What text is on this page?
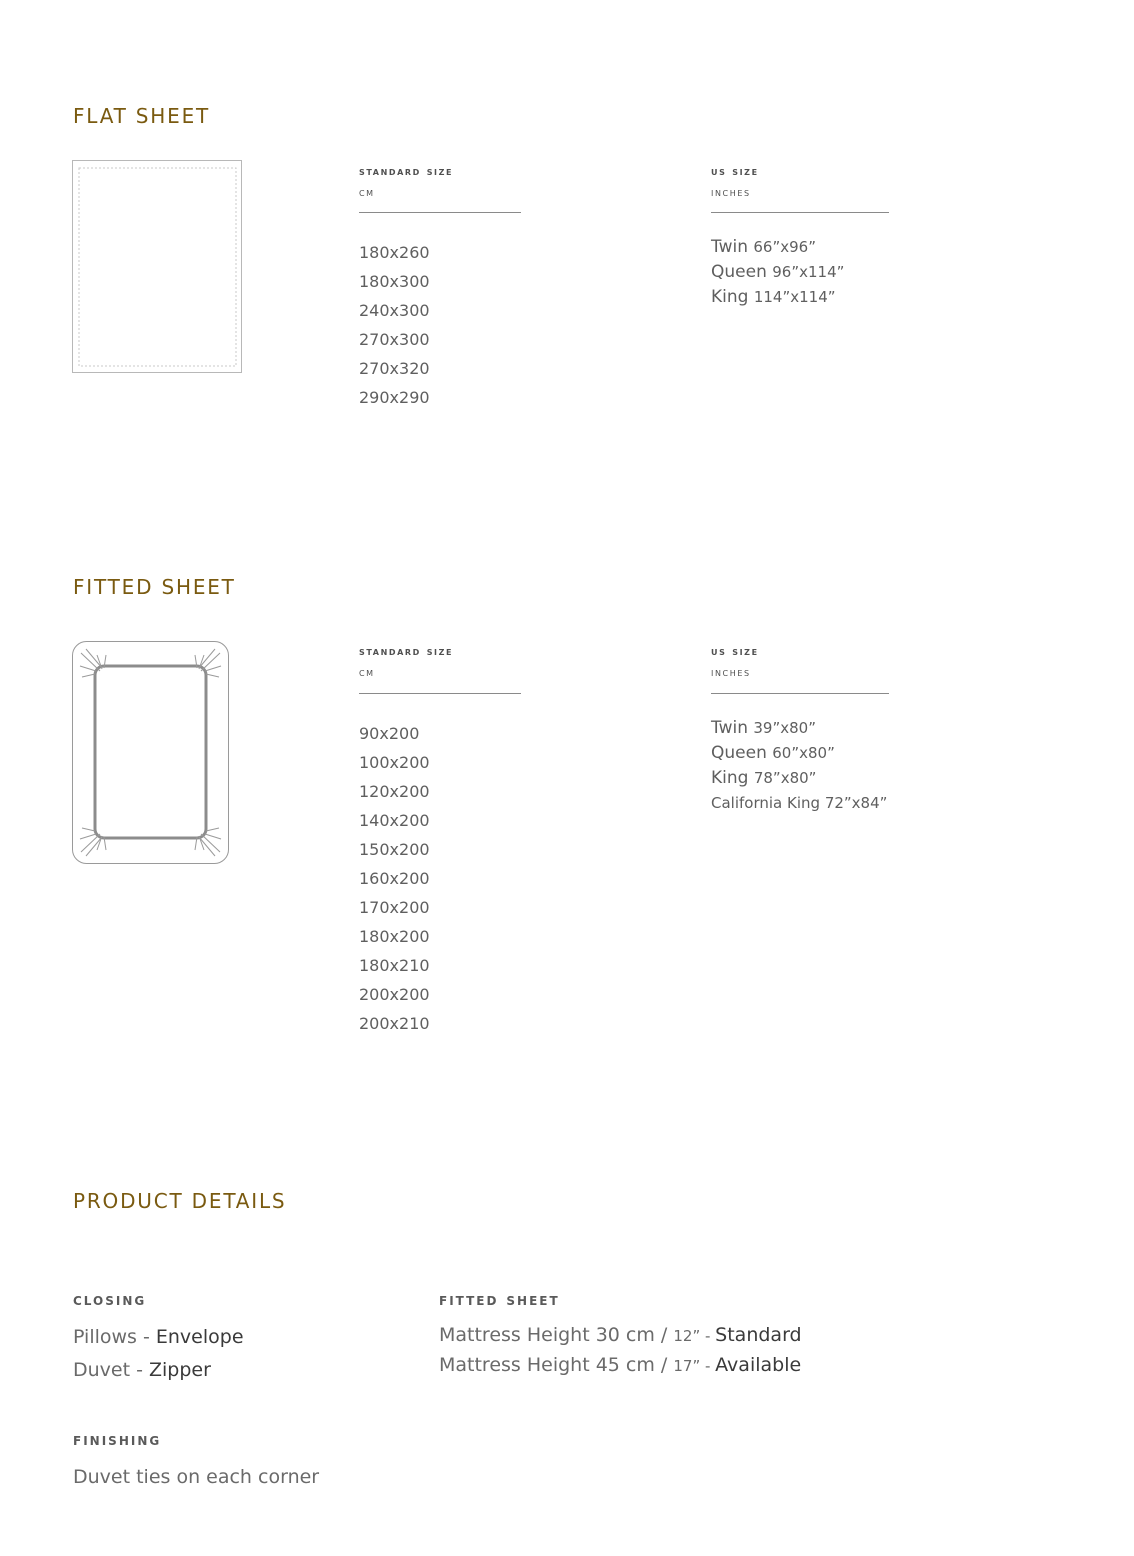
FLAT SHEET
standard size
cm
180x260
180x300
240x300
270x300
270x320
290x290
us size
inches
Twin 66”x96”
Queen 96”x114”
King 114”x114”
FITTED SHEET
standard size
cm
90x200
100x200
120x200
140x200
150x200
160x200
170x200
180x200
180x210
200x200
200x210
us size
inches
Twin 39”x80”
Queen 60”x80”
King 78”x80”
California King 72”x84”
PRODUCT DETAILS
closing
Pillows - Envelope
Duvet - Zipper
finishing
Duvet ties on each corner
fitted sheet
Mattress Height 30 cm / 12” - Standard
Mattress Height 45 cm / 17” - Available
